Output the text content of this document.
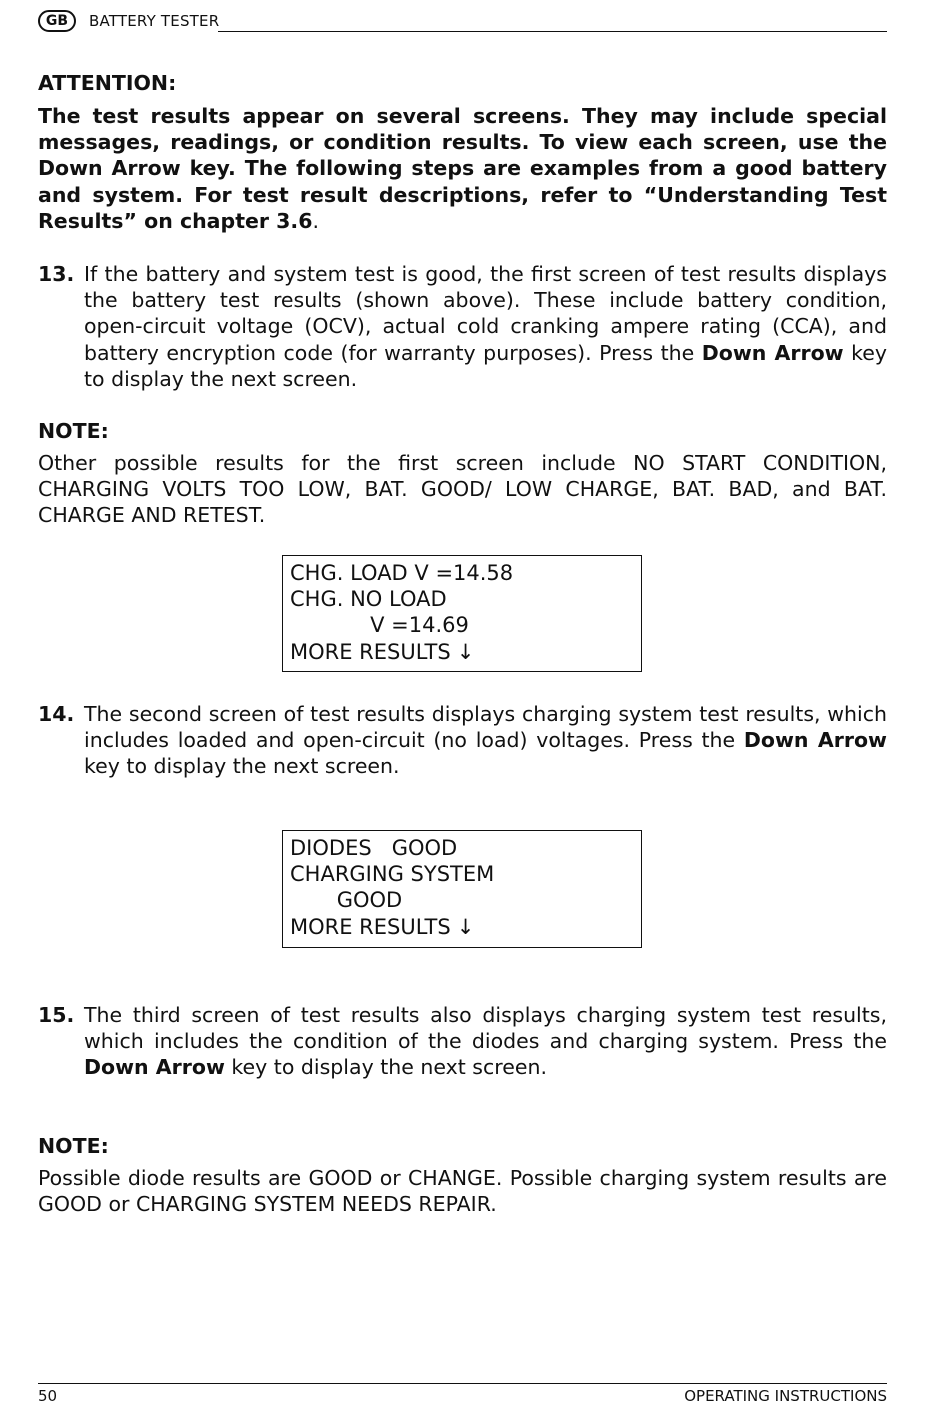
GB	BATTERY TESTER
ATTENTION:
The test results appear on several screens. They may include special messages, readings, or condition results. To view each screen, use the Down Arrow key. The following steps are examples from a good battery and system. For test result descriptions, refer to “Understanding Test Results” on chapter 3.6.
13. If the battery and system test is good, the first screen of test results displays the battery test results (shown above). These include battery condition, open-circuit voltage (OCV), actual cold cranking ampere rating (CCA), and battery encryption code (for warranty purposes). Press the Down Arrow key to display the next screen.
NOTE:
Other possible results for the first screen include NO START CONDITION, CHARGING VOLTS TOO LOW, BAT. GOOD/ LOW CHARGE, BAT. BAD, and BAT. CHARGE AND RETEST.
CHG. LOAD V =14.58
CHG. NO LOAD
V =14.69
MORE RESULTS ↓
14. The second screen of test results displays charging system test results, which includes loaded and open-circuit (no load) voltages. Press the Down Arrow key to display the next screen.
DIODES   GOOD
CHARGING SYSTEM
GOOD
MORE RESULTS ↓
15. The third screen of test results also displays charging system test results, which includes the condition of the diodes and charging system. Press the Down Arrow key to display the next screen.
NOTE:
Possible diode results are GOOD or CHANGE. Possible charging system results are GOOD or CHARGING SYSTEM NEEDS REPAIR.
50	OPERATING INSTRUCTIONS
